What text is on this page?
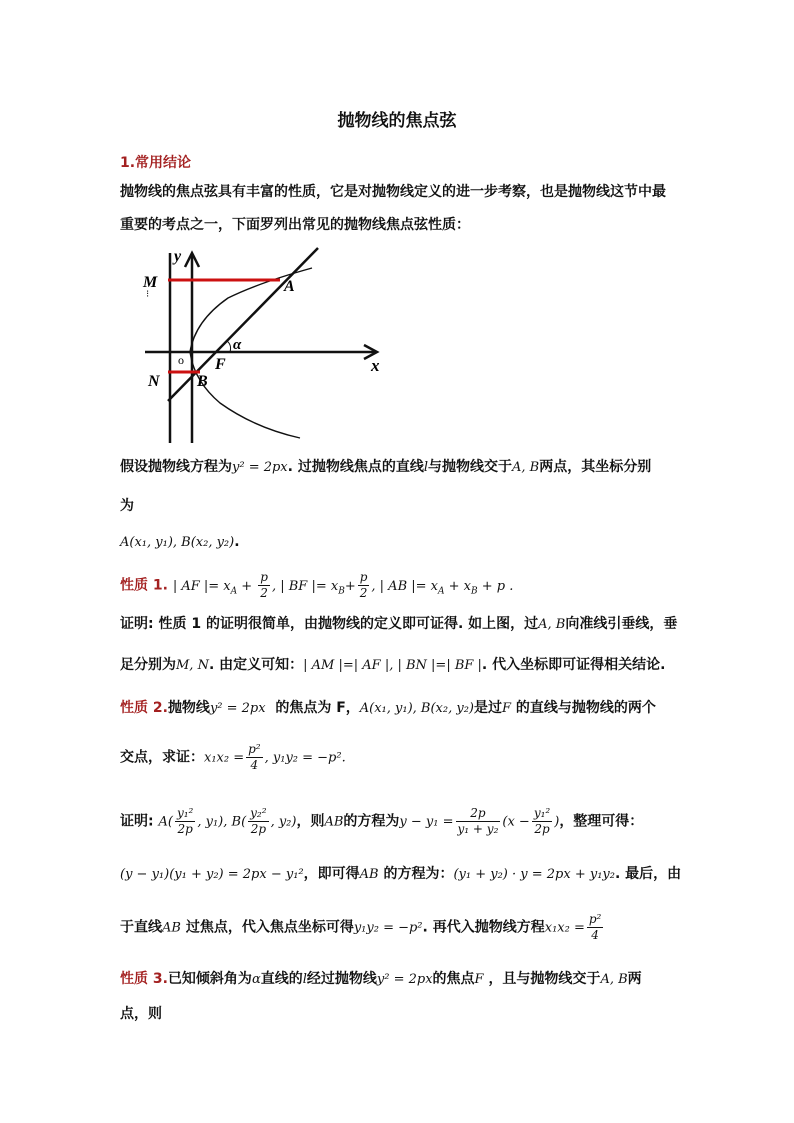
抛物线的焦点弦
1.常用结论
抛物线的焦点弦具有丰富的性质，它是对抛物线定义的进一步考察，也是抛物线这节中最
重要的考点之一，下面罗列出常见的抛物线焦点弦性质：
M
⁝	A
y
x
α
o F
N B
假设抛物线方程为y² = 2px. 过抛物线焦点的直线l与抛物线交于A, B两点，其坐标分别
为
A(x₁, y₁), B(x₂, y₂).
性质 1. | AF |= $x_A + \frac{p}{2}$ , | BF |= $x_B+ \frac{p}{2}$ , | AB |= $x_A + x_B + p$ .
证明: 性质 1 的证明很简单，由抛物线的定义即可证得. 如上图，过A, B向准线引垂线，垂
足分别为M, N. 由定义可知：| AM |=| AF |, | BN |=| BF |. 代入坐标即可证得相关结论.
性质 2.抛物线y² = 2px 的焦点为 F，A(x₁, y₁), B(x₂, y₂)是过F 的直线与抛物线的两个
交点，求证：$x_1x_2 = \frac{\text{p²}}{4}$ , y₁y₂ = −p².
证明: $A( \frac{\text{y₁²}}{2p}$ , y₁), $B( \frac{\text{y₂²}}{2p}$ , y₂)，则AB的方程为$y - y_1 = \frac{2p}{\text{y₁ + y₂}} (x - \frac{\text{y₁²}}{2p}$ )，整理可得：
(y − y₁)(y₁ + y₂) = 2px − y₁²，即可得AB 的方程为：(y₁ + y₂) · y = 2px + y₁y₂. 最后，由
于直线AB 过焦点，代入焦点坐标可得y₁y₂ = −p². 再代入抛物线方程$x_1x_2 = \frac{\text{p²}}{4}$
性质 3.已知倾斜角为α直线的l经过抛物线y² = 2px的焦点F ，且与抛物线交于A, B两
点，则
